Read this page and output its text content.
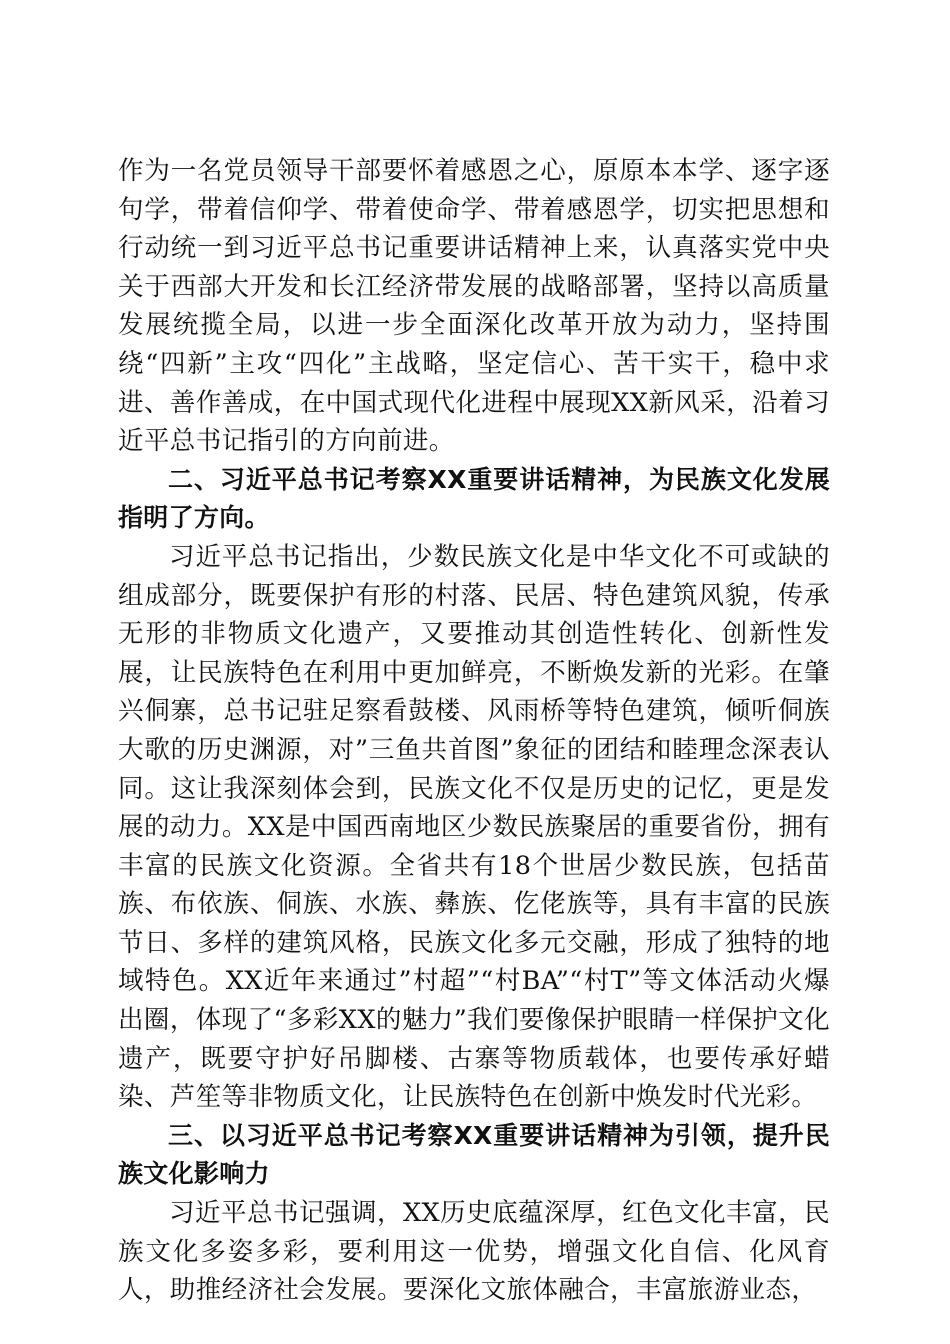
作为一名党员领导干部要怀着感恩之心，原原本本学、逐字逐句学，带着信仰学、带着使命学、带着感恩学，切实把思想和行动统一到习近平总书记重要讲话精神上来，认真落实党中央关于西部大开发和长江经济带发展的战略部署，坚持以高质量发展统揽全局，以进一步全面深化改革开放为动力，坚持围绕“四新”主攻“四化”主战略，坚定信心、苦干实干，稳中求进、善作善成，在中国式现代化进程中展现XX新风采，沿着习近平总书记指引的方向前进。

二、习近平总书记考察XX重要讲话精神，为民族文化发展指明了方向。

习近平总书记指出，少数民族文化是中华文化不可或缺的组成部分，既要保护有形的村落、民居、特色建筑风貌，传承无形的非物质文化遗产，又要推动其创造性转化、创新性发展，让民族特色在利用中更加鲜亮，不断焕发新的光彩。在肇兴侗寨，总书记驻足察看鼓楼、风雨桥等特色建筑，倾听侗族大歌的历史渊源，对”三鱼共首图”象征的团结和睦理念深表认同。这让我深刻体会到，民族文化不仅是历史的记忆，更是发展的动力。XX是中国西南地区少数民族聚居的重要省份，拥有丰富的民族文化资源。全省共有18个世居少数民族，包括苗族、布依族、侗族、水族、彝族、仡佬族等，具有丰富的民族节日、多样的建筑风格，民族文化多元交融，形成了独特的地域特色。XX近年来通过”村超”“村BA”“村T”等文体活动火爆出圈，体现了“多彩XX的魅力”我们要像保护眼睛一样保护文化遗产，既要守护好吊脚楼、古寨等物质载体，也要传承好蜡染、芦笙等非物质文化，让民族特色在创新中焕发时代光彩。

三、以习近平总书记考察XX重要讲话精神为引领，提升民族文化影响力

习近平总书记强调，XX历史底蕴深厚，红色文化丰富，民族文化多姿多彩，要利用这一优势，增强文化自信、化风育人，助推经济社会发展。要深化文旅体融合，丰富旅游业态，
